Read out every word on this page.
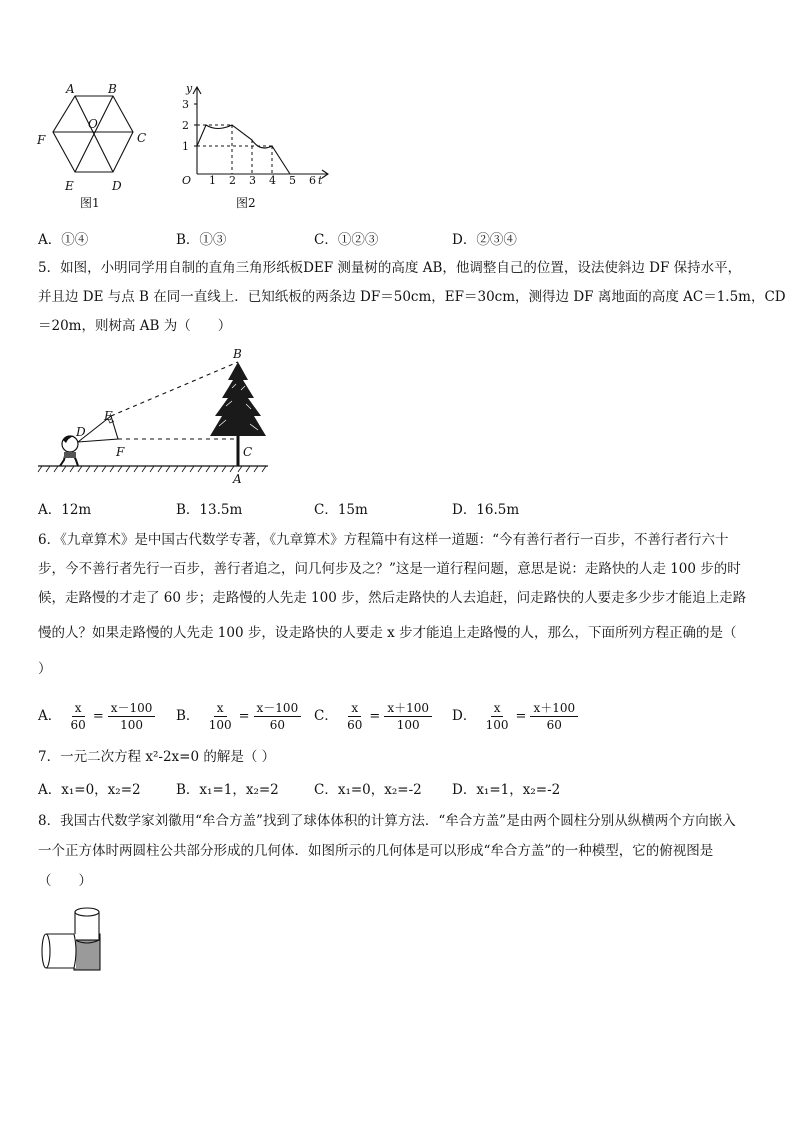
A	B
C
D
E
F
O
图1
y
t
O
1
2
3
1 2 3 4 5 6
图2
A．①④	B．①③	C．①②③	D．②③④
5．如图，小明同学用自制的直角三角形纸板DEF 测量树的高度 AB，他调整自己的位置，设法使斜边 DF 保持水平，
并且边 DE 与点 B 在同一直线上．已知纸板的两条边 DF＝50cm，EF＝30cm，测得边 DF 离地面的高度 AC＝1.5m，CD
＝20m，则树高 AB 为（　　）
B
E
D
F	C
A
A．12m	B．13.5m	C．15m	D．16.5m
6．《九章算术》是中国古代数学专著，《九章算术》方程篇中有这样一道题：“今有善行者行一百步，不善行者行六十
步，今不善行者先行一百步，善行者追之，问几何步及之？”这是一道行程问题，意思是说：走路快的人走 100 步的时
候，走路慢的才走了 60 步；走路慢的人先走 100 步，然后走路快的人去追赶，问走路快的人要走多少步才能追上走路
慢的人？如果走路慢的人先走 100 步，设走路快的人要走 x 步才能追上走路慢的人，那么，下面所列方程正确的是（
）
A． $\frac{x}{60} = \frac{x-100}{100}$ B． $\frac{x}{100} = \frac{x-100}{60}$ C． $\frac{x}{60} = \frac{x+100}{100}$ D． $\frac{x}{100} = \frac{x+100}{60}$
7．一元二次方程 x²-2x=0 的解是（ ）
A．x₁=0，x₂=2	B．x₁=1，x₂=2	C．x₁=0，x₂=-2 D．x₁=1，x₂=-2
8．我国古代数学家刘徽用“牟合方盖”找到了球体体积的计算方法．“牟合方盖”是由两个圆柱分别从纵横两个方向嵌入
一个正方体时两圆柱公共部分形成的几何体．如图所示的几何体是可以形成“牟合方盖”的一种模型，它的俯视图是
（　　）
